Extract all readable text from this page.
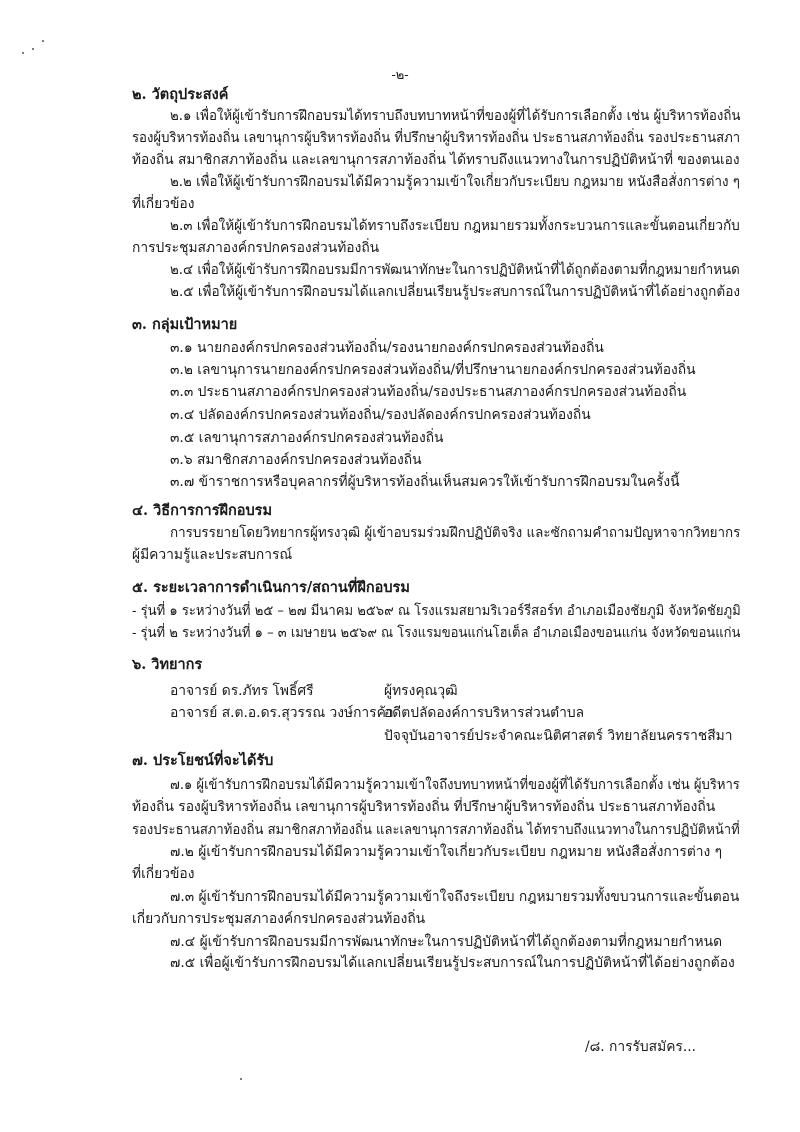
-๒-
๒. วัตถุประสงค์
๒.๑ เพื่อให้ผู้เข้ารับการฝึกอบรมได้ทราบถึงบทบาทหน้าที่ของผู้ที่ได้รับการเลือกตั้ง เช่น ผู้บริหารท้องถิ่น
รองผู้บริหารท้องถิ่น เลขานุการผู้บริหารท้องถิ่น ที่ปรึกษาผู้บริหารท้องถิ่น ประธานสภาท้องถิ่น รองประธานสภา
ท้องถิ่น สมาชิกสภาท้องถิ่น และเลขานุการสภาท้องถิ่น ได้ทราบถึงแนวทางในการปฏิบัติหน้าที่ ของตนเอง
๒.๒ เพื่อให้ผู้เข้ารับการฝึกอบรมได้มีความรู้ความเข้าใจเกี่ยวกับระเบียบ กฎหมาย หนังสือสั่งการต่าง ๆ
ที่เกี่ยวข้อง
๒.๓ เพื่อให้ผู้เข้ารับการฝึกอบรมได้ทราบถึงระเบียบ กฎหมายรวมทั้งกระบวนการและขั้นตอนเกี่ยวกับ
การประชุมสภาองค์กรปกครองส่วนท้องถิ่น
๒.๔ เพื่อให้ผู้เข้ารับการฝึกอบรมมีการพัฒนาทักษะในการปฏิบัติหน้าที่ได้ถูกต้องตามที่กฎหมายกำหนด
๒.๕ เพื่อให้ผู้เข้ารับการฝึกอบรมได้แลกเปลี่ยนเรียนรู้ประสบการณ์ในการปฏิบัติหน้าที่ได้อย่างถูกต้อง
๓. กลุ่มเป้าหมาย
๓.๑ นายกองค์กรปกครองส่วนท้องถิ่น/รองนายกองค์กรปกครองส่วนท้องถิ่น
๓.๒ เลขานุการนายกองค์กรปกครองส่วนท้องถิ่น/ที่ปรึกษานายกองค์กรปกครองส่วนท้องถิ่น
๓.๓ ประธานสภาองค์กรปกครองส่วนท้องถิ่น/รองประธานสภาองค์กรปกครองส่วนท้องถิ่น
๓.๔ ปลัดองค์กรปกครองส่วนท้องถิ่น/รองปลัดองค์กรปกครองส่วนท้องถิ่น
๓.๕ เลขานุการสภาองค์กรปกครองส่วนท้องถิ่น
๓.๖ สมาชิกสภาองค์กรปกครองส่วนท้องถิ่น
๓.๗ ข้าราชการหรือบุคลากรที่ผู้บริหารท้องถิ่นเห็นสมควรให้เข้ารับการฝึกอบรมในครั้งนี้
๔. วิธีการการฝึกอบรม
การบรรยายโดยวิทยากรผู้ทรงวุฒิ ผู้เข้าอบรมร่วมฝึกปฏิบัติจริง และซักถามคำถามปัญหาจากวิทยากร
ผู้มีความรู้และประสบการณ์
๕. ระยะเวลาการดำเนินการ/สถานที่ฝึกอบรม
- รุ่นที่ ๑ ระหว่างวันที่ ๒๕ – ๒๗ มีนาคม ๒๕๖๙ ณ โรงแรมสยามริเวอร์รีสอร์ท อำเภอเมืองชัยภูมิ จังหวัดชัยภูมิ
- รุ่นที่ ๒ ระหว่างวันที่ ๑ – ๓ เมษายน ๒๕๖๙ ณ โรงแรมขอนแก่นโฮเต็ล อำเภอเมืองขอนแก่น จังหวัดขอนแก่น
๖. วิทยากร
อาจารย์ ดร.ภัทร โพธิ์ศรี	ผู้ทรงคุณวุฒิ
อาจารย์ ส.ต.อ.ดร.สุวรรณ วงษ์การค้า
อดีตปลัดองค์การบริหารส่วนตำบล
ปัจจุบันอาจารย์ประจำคณะนิติศาสตร์ วิทยาลัยนครราชสีมา
๗. ประโยชน์ที่จะได้รับ
๗.๑ ผู้เข้ารับการฝึกอบรมได้มีความรู้ความเข้าใจถึงบทบาทหน้าที่ของผู้ที่ได้รับการเลือกตั้ง เช่น ผู้บริหาร
ท้องถิ่น รองผู้บริหารท้องถิ่น เลขานุการผู้บริหารท้องถิ่น ที่ปรึกษาผู้บริหารท้องถิ่น ประธานสภาท้องถิ่น
รองประธานสภาท้องถิ่น สมาชิกสภาท้องถิ่น และเลขานุการสภาท้องถิ่น ได้ทราบถึงแนวทางในการปฏิบัติหน้าที่
๗.๒ ผู้เข้ารับการฝึกอบรมได้มีความรู้ความเข้าใจเกี่ยวกับระเบียบ กฎหมาย หนังสือสั่งการต่าง ๆ
ที่เกี่ยวข้อง
๗.๓ ผู้เข้ารับการฝึกอบรมได้มีความรู้ความเข้าใจถึงระเบียบ กฎหมายรวมทั้งขบวนการและขั้นตอน
เกี่ยวกับการประชุมสภาองค์กรปกครองส่วนท้องถิ่น
๗.๔ ผู้เข้ารับการฝึกอบรมมีการพัฒนาทักษะในการปฏิบัติหน้าที่ได้ถูกต้องตามที่กฎหมายกำหนด
๗.๕ เพื่อผู้เข้ารับการฝึกอบรมได้แลกเปลี่ยนเรียนรู้ประสบการณ์ในการปฏิบัติหน้าที่ได้อย่างถูกต้อง
/๘. การรับสมัคร...
